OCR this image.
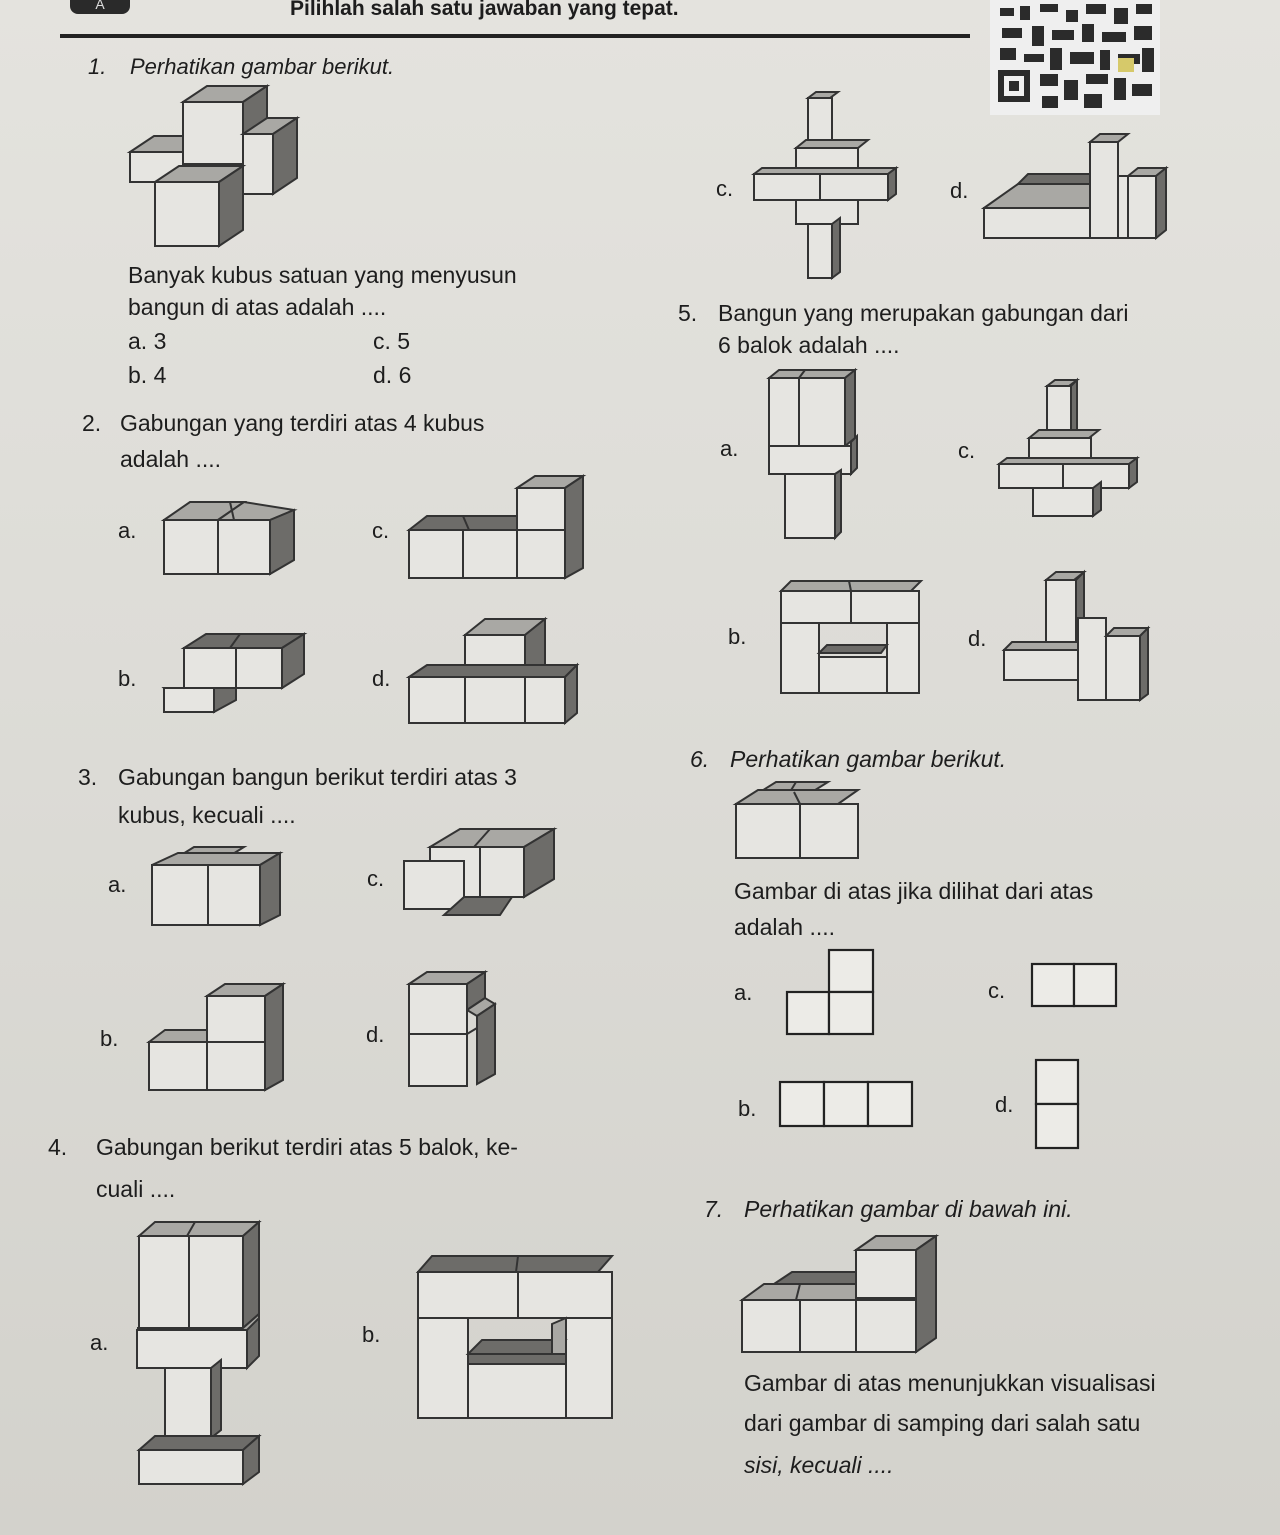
Pilihlah salah satu jawaban yang tepat.
A
1. Perhatikan gambar berikut.
Banyak kubus satuan yang menyusun
bangun di atas adalah ....
a. 3	c. 5
b. 4	d. 6
2. Gabungan yang terdiri atas 4 kubus
adalah ....
a.	c.
b.	d.
3. Gabungan bangun berikut terdiri atas 3
kubus, kecuali ....
a.	c.
b.	d.
4. Gabungan berikut terdiri atas 5 balok, ke-
cuali ....
a.	b.
c.	d.
5. Bangun yang merupakan gabungan dari
6 balok adalah ....
a.	c.
b.	d.
6. Perhatikan gambar berikut.
Gambar di atas jika dilihat dari atas
adalah ....
a.	c.
b.	d.
7. Perhatikan gambar di bawah ini.
Gambar di atas menunjukkan visualisasi
dari gambar di samping dari salah satu
sisi, kecuali ....
